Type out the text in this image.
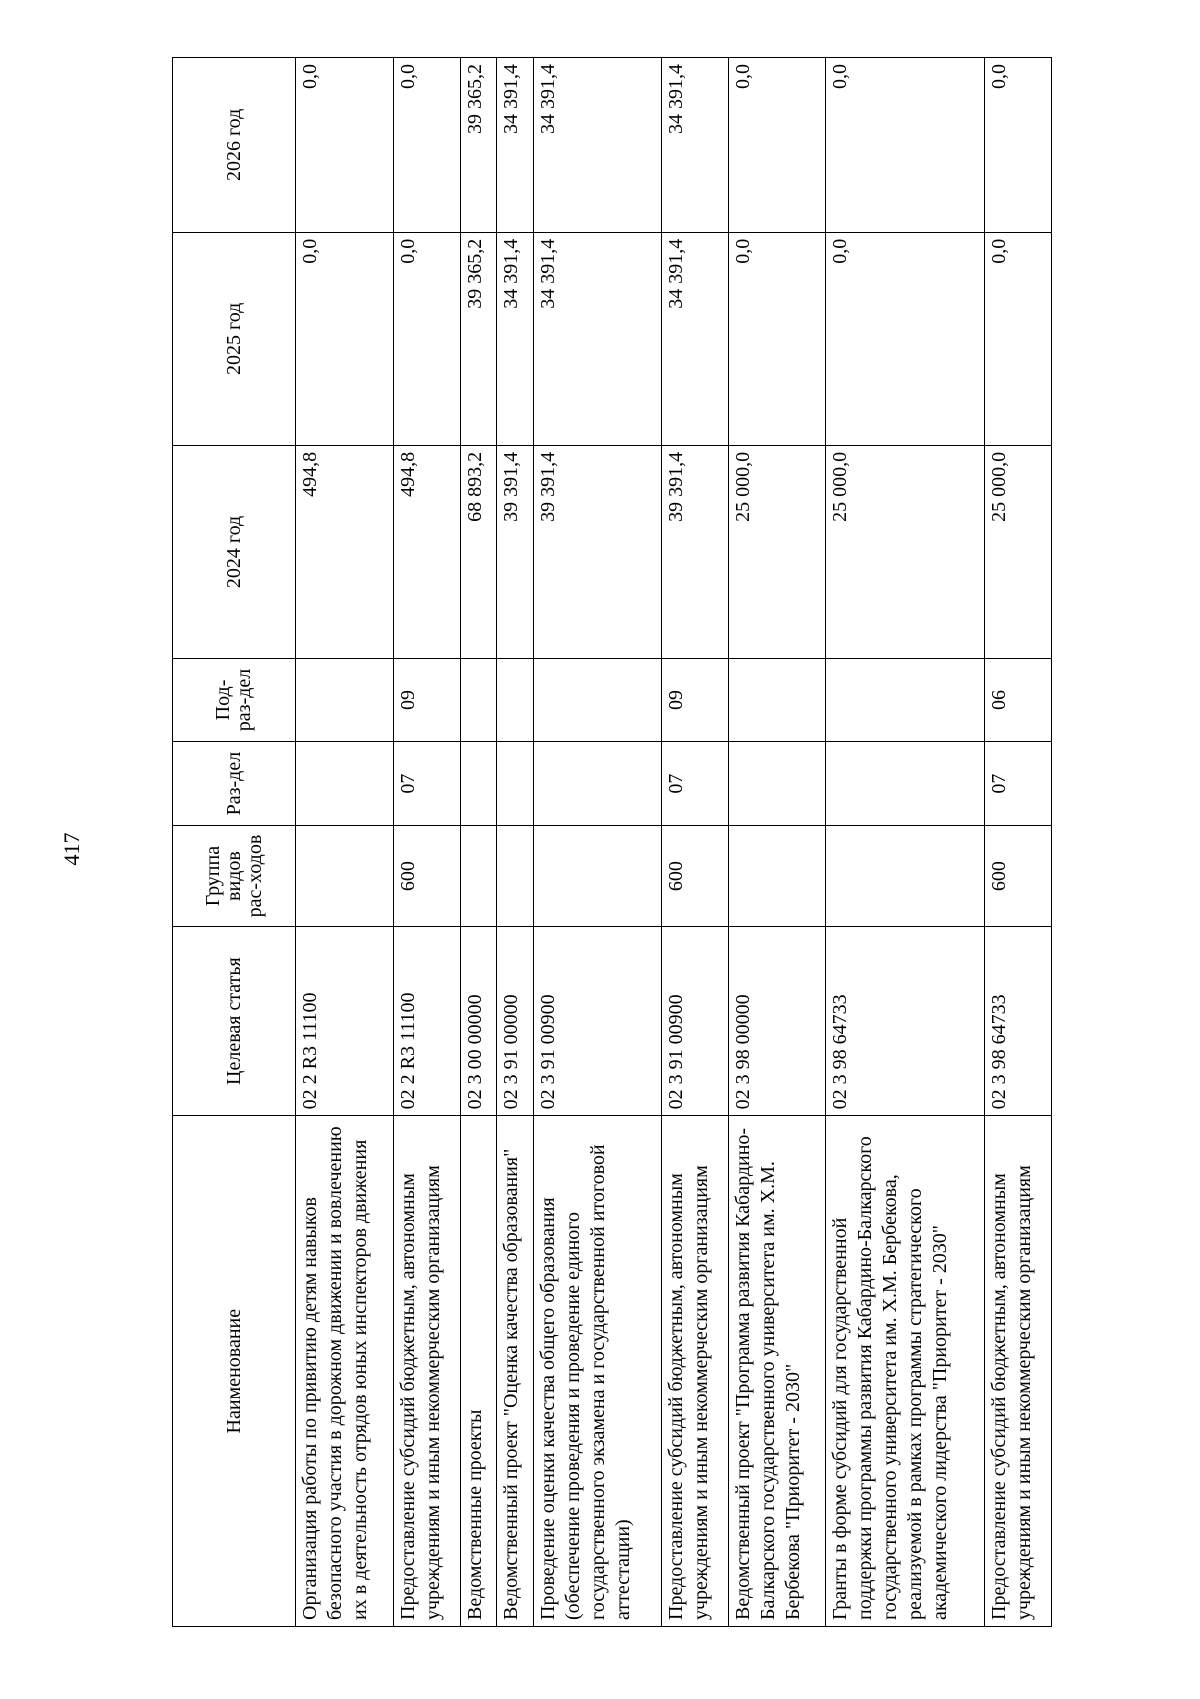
417
Наименование	Целевая статья	Группа видов рас-ходов	Раз-дел	Под-раз-дел	2024 год	2025 год	2026 год
Организация работы по привитию детям навыков безопасного участия в дорожном движении и вовлечению их в деятельность отрядов юных инспекторов движения	02 2 R3 11100				494,8	0,0	0,0
Предоставление субсидий бюджетным, автономным учреждениям и иным некоммерческим организациям	02 2 R3 11100	600	07	09	494,8	0,0	0,0
Ведомственные проекты	02 3 00 00000				68 893,2	39 365,2	39 365,2
Ведомственный проект "Оценка качества образования"	02 3 91 00000				39 391,4	34 391,4	34 391,4
Проведение оценки качества общего образования (обеспечение проведения и проведение единого государственного экзамена и государственной итоговой аттестации)	02 3 91 00900				39 391,4	34 391,4	34 391,4
Предоставление субсидий бюджетным, автономным учреждениям и иным некоммерческим организациям	02 3 91 00900	600	07	09	39 391,4	34 391,4	34 391,4
Ведомственный проект "Программа развития Кабардино-Балкарского государственного университета им. Х.М. Бербекова "Приоритет - 2030"	02 3 98 00000				25 000,0	0,0	0,0
Гранты в форме субсидий для государственной поддержки программы развития Кабардино-Балкарского государственного университета им. Х.М. Бербекова, реализуемой в рамках программы стратегического академического лидерства "Приоритет - 2030"	02 3 98 64733				25 000,0	0,0	0,0
Предоставление субсидий бюджетным, автономным учреждениям и иным некоммерческим организациям	02 3 98 64733	600	07	06	25 000,0	0,0	0,0
